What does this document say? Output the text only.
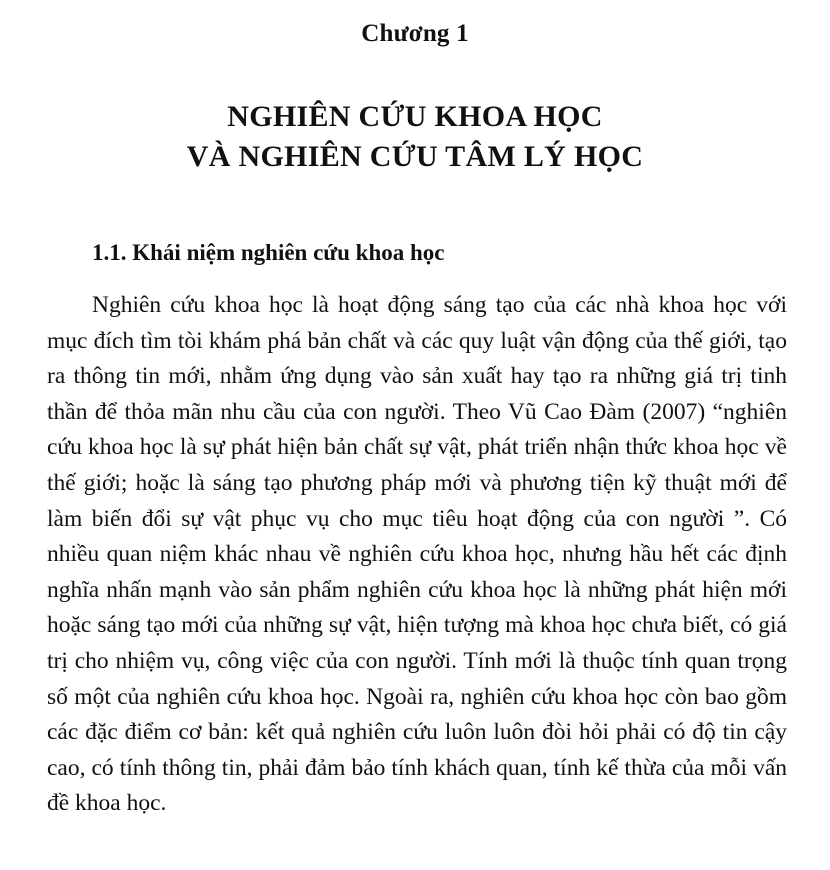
Chương 1
NGHIÊN CỨU KHOA HỌC
VÀ NGHIÊN CỨU TÂM LÝ HỌC
1.1. Khái niệm nghiên cứu khoa học

Nghiên cứu khoa học là hoạt động sáng tạo của các nhà khoa học với mục đích tìm tòi khám phá bản chất và các quy luật vận động của thế giới, tạo ra thông tin mới, nhằm ứng dụng vào sản xuất hay tạo ra những giá trị tinh thần để thỏa mãn nhu cầu của con người. Theo Vũ Cao Đàm (2007) “nghiên cứu khoa học là sự phát hiện bản chất sự vật, phát triển nhận thức khoa học về thế giới; hoặc là sáng tạo phương pháp mới và phương tiện kỹ thuật mới để làm biến đổi sự vật phục vụ cho mục tiêu hoạt động của con người ”. Có nhiều quan niệm khác nhau về nghiên cứu khoa học, nhưng hầu hết các định nghĩa nhấn mạnh vào sản phẩm nghiên cứu khoa học là những phát hiện mới hoặc sáng tạo mới của những sự vật, hiện tượng mà khoa học chưa biết, có giá trị cho nhiệm vụ, công việc của con người. Tính mới là thuộc tính quan trọng số một của nghiên cứu khoa học. Ngoài ra, nghiên cứu khoa học còn bao gồm các đặc điểm cơ bản: kết quả nghiên cứu luôn luôn đòi hỏi phải có độ tin cậy cao, có tính thông tin, phải đảm bảo tính khách quan, tính kế thừa của mỗi vấn đề khoa học.
